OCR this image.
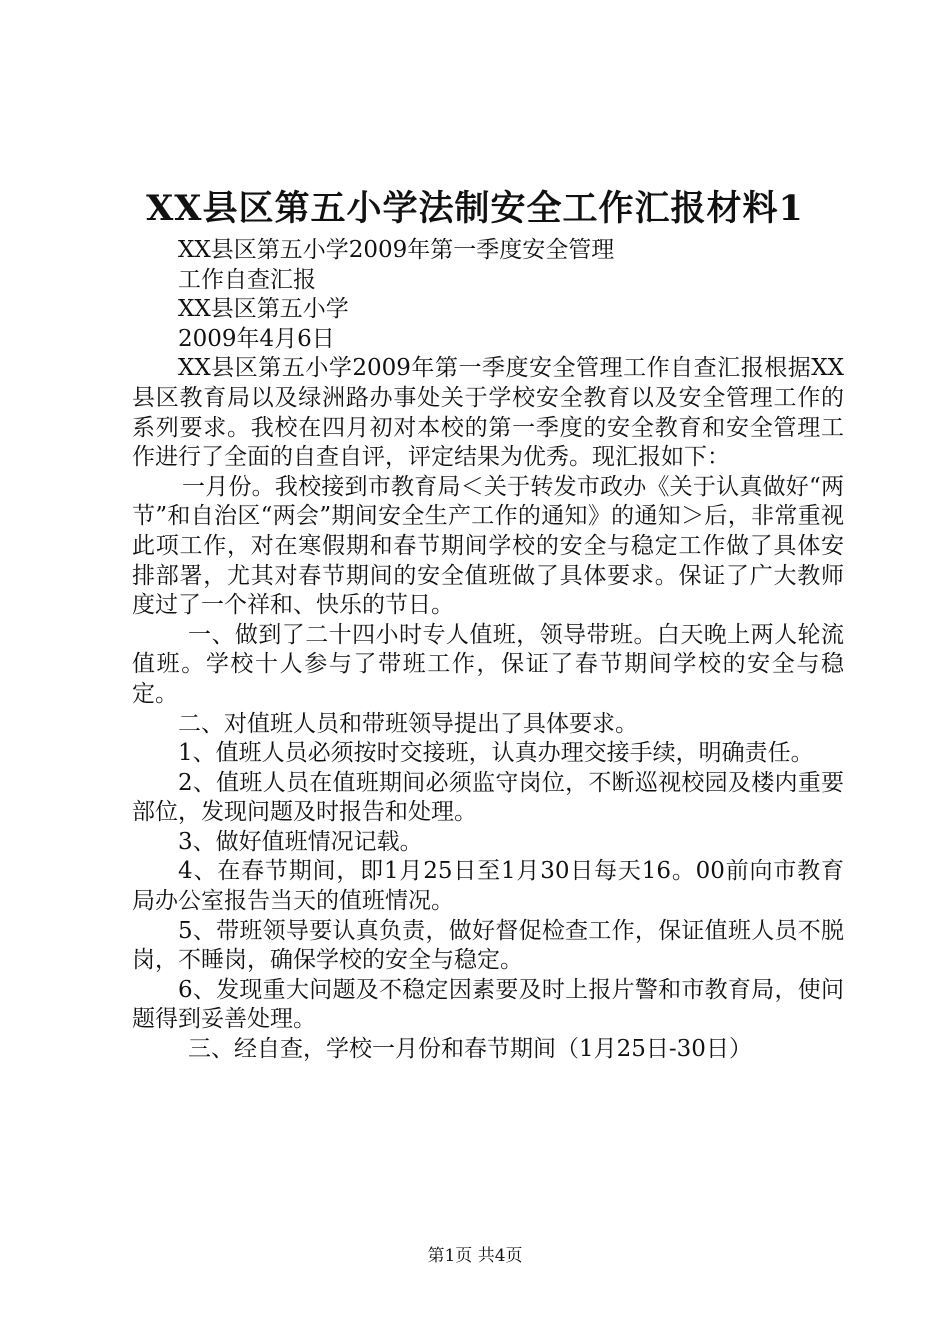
XX县区第五小学法制安全工作汇报材料1

XX县区第五小学2009年第一季度安全管理

工作自查汇报

XX县区第五小学

2009年4月6日

XX县区第五小学2009年第一季度安全管理工作自查汇报根据XX县区教育局以及绿洲路办事处关于学校安全教育以及安全管理工作的系列要求。我校在四月初对本校的第一季度的安全教育和安全管理工作进行了全面的自查自评，评定结果为优秀。现汇报如下：

一月份。我校接到市教育局＜关于转发市政办《关于认真做好“两节”和自治区“两会”期间安全生产工作的通知》的通知＞后，非常重视此项工作，对在寒假期和春节期间学校的安全与稳定工作做了具体安排部署，尤其对春节期间的安全值班做了具体要求。保证了广大教师度过了一个祥和、快乐的节日。

一、做到了二十四小时专人值班，领导带班。白天晚上两人轮流值班。学校十人参与了带班工作，保证了春节期间学校的安全与稳定。

二、对值班人员和带班领导提出了具体要求。

1、值班人员必须按时交接班，认真办理交接手续，明确责任。

2、值班人员在值班期间必须监守岗位，不断巡视校园及楼内重要部位，发现问题及时报告和处理。

3、做好值班情况记载。

4、在春节期间，即1月25日至1月30日每天16。00前向市教育局办公室报告当天的值班情况。

5、带班领导要认真负责，做好督促检查工作，保证值班人员不脱岗，不睡岗，确保学校的安全与稳定。

6、发现重大问题及不稳定因素要及时上报片警和市教育局，使问题得到妥善处理。

三、经自查，学校一月份和春节期间（1月25日-30日）

第1页 共4页
